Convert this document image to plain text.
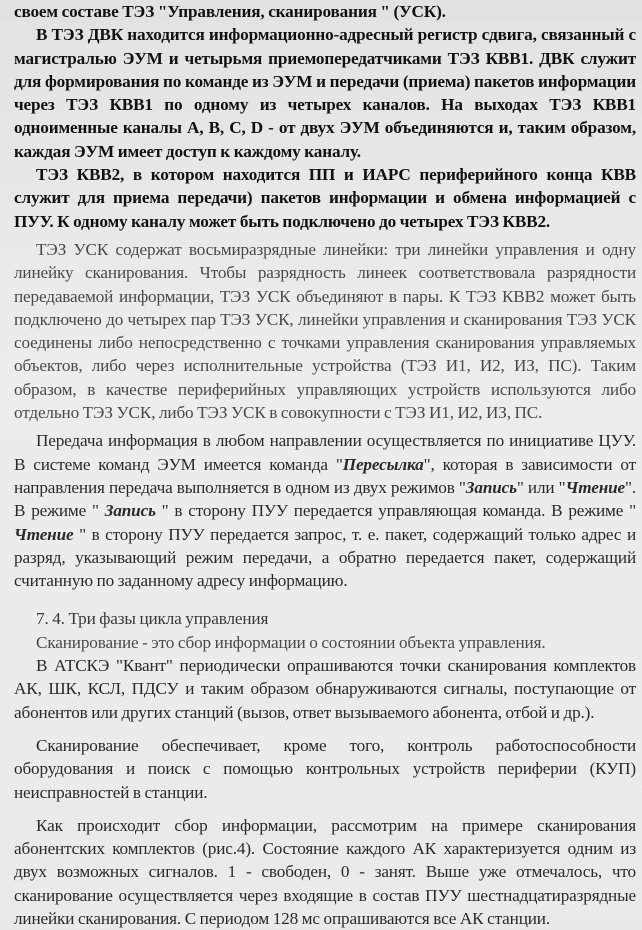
своем составе ТЭЗ "Управления, сканирования " (УСК).

В ТЭЗ ДВК находится информационно-адресный регистр сдвига, связанный с магистралью ЭУМ и четырьмя приемопередатчиками ТЭЗ КВВ1. ДВК служит для формирования по команде из ЭУМ и передачи (приема) пакетов информации через ТЭЗ КВВ1 по одному из четырех каналов. На выходах ТЭЗ КВВ1 одноименные каналы А, В, С, D - от двух ЭУМ объединяются и, таким образом, каждая ЭУМ имеет доступ к каждому каналу.

ТЭЗ КВВ2, в котором находится ПП и ИАРС периферийного конца КВВ служит для приема передачи) пакетов информации и обмена информацией с ПУУ. К одному каналу может быть подключено до четырех ТЭЗ КВВ2.

ТЭЗ УСК содержат восьмиразрядные линейки: три линейки управления и одну линейку сканирования. Чтобы разрядность линеек соответствовала разрядности передаваемой информации, ТЭЗ УСК объединяют в пары. К ТЭЗ КВВ2 может быть подключено до четырех пар ТЭЗ УСК, линейки управления и сканирования ТЭЗ УСК соединены либо непосредственно с точками управления сканирования управляемых объектов, либо через исполнительные устройства (ТЭЗ И1, И2, ИЗ, ПС). Таким образом, в качестве периферийных управляющих устройств используются либо отдельно ТЭЗ УСК, либо ТЭЗ УСК в совокупности с ТЭЗ И1, И2, ИЗ, ПС.

Передача информация в любом направлении осуществляется по инициативе ЦУУ. В системе команд ЭУМ имеется команда "Пересылка", которая в зависимости от направления передача выполняется в одном из двух режимов "Запись" или "Чтение". В режиме " Запись " в сторону ПУУ передается управляющая команда. В режиме " Чтение " в сторону ПУУ передается запрос, т. е. пакет, содержащий только адрес и разряд, указывающий режим передачи, а обратно передается пакет, содержащий считанную по заданному адресу информацию.

7. 4. Три фазы цикла управления

Сканирование - это сбор информации о состоянии объекта управления.

В АТСКЭ "Квант" периодически опрашиваются точки сканирования комплектов АК, ШК, КСЛ, ПДСУ и таким образом обнаруживаются сигналы, поступающие от абонентов или других станций (вызов, ответ вызываемого абонента, отбой и др.).

Сканирование обеспечивает, кроме того, контроль работоспособности оборудования и поиск с помощью контрольных устройств периферии (КУП) неисправностей в станции.

Как происходит сбор информации, рассмотрим на примере сканирования абонентских комплектов (рис.4). Состояние каждого АК характеризуется одним из двух возможных сигналов. 1 - свободен, 0 - занят. Выше уже отмечалось, что сканирование осуществляется через входящие в состав ПУУ шестнадцатиразрядные линейки сканирования. С периодом 128 мс опрашиваются все АК станции.
